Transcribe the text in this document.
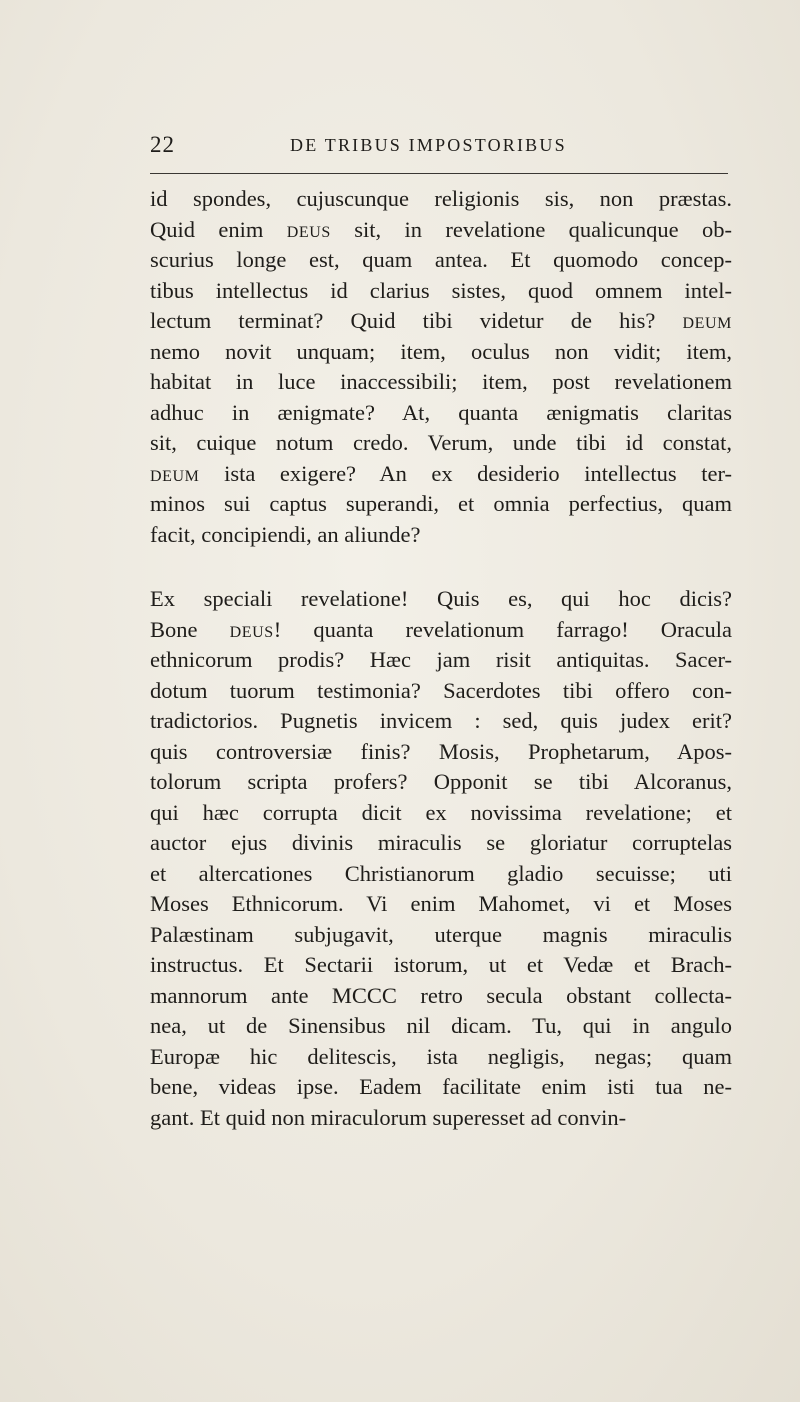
22	DE TRIBUS IMPOSTORIBUS
id spondes, cujuscunque religionis sis, non præstas.
Quid enim deus sit, in revelatione qualicunque ob-
scurius longe est, quam antea. Et quomodo concep-
tibus intellectus id clarius sistes, quod omnem intel-
lectum terminat? Quid tibi videtur de his? deum
nemo novit unquam; item, oculus non vidit; item,
habitat in luce inaccessibili; item, post revelationem
adhuc in ænigmate? At, quanta ænigmatis claritas
sit, cuique notum credo. Verum, unde tibi id constat,
deum ista exigere? An ex desiderio intellectus ter-
minos sui captus superandi, et omnia perfectius, quam
facit, concipiendi, an aliunde?
Ex speciali revelatione! Quis es, qui hoc dicis?
Bone deus! quanta revelationum farrago! Oracula
ethnicorum prodis? Hæc jam risit antiquitas. Sacer-
dotum tuorum testimonia? Sacerdotes tibi offero con-
tradictorios. Pugnetis invicem : sed, quis judex erit?
quis controversiæ finis? Mosis, Prophetarum, Apos-
tolorum scripta profers? Opponit se tibi Alcoranus,
qui hæc corrupta dicit ex novissima revelatione; et
auctor ejus divinis miraculis se gloriatur corruptelas
et altercationes Christianorum gladio secuisse; uti
Moses Ethnicorum. Vi enim Mahomet, vi et Moses
Palæstinam subjugavit, uterque magnis miraculis
instructus. Et Sectarii istorum, ut et Vedæ et Brach-
mannorum ante MCCC retro secula obstant collecta-
nea, ut de Sinensibus nil dicam. Tu, qui in angulo
Europæ hic delitescis, ista negligis, negas; quam
bene, videas ipse. Eadem facilitate enim isti tua ne-
gant. Et quid non miraculorum superesset ad convin-
